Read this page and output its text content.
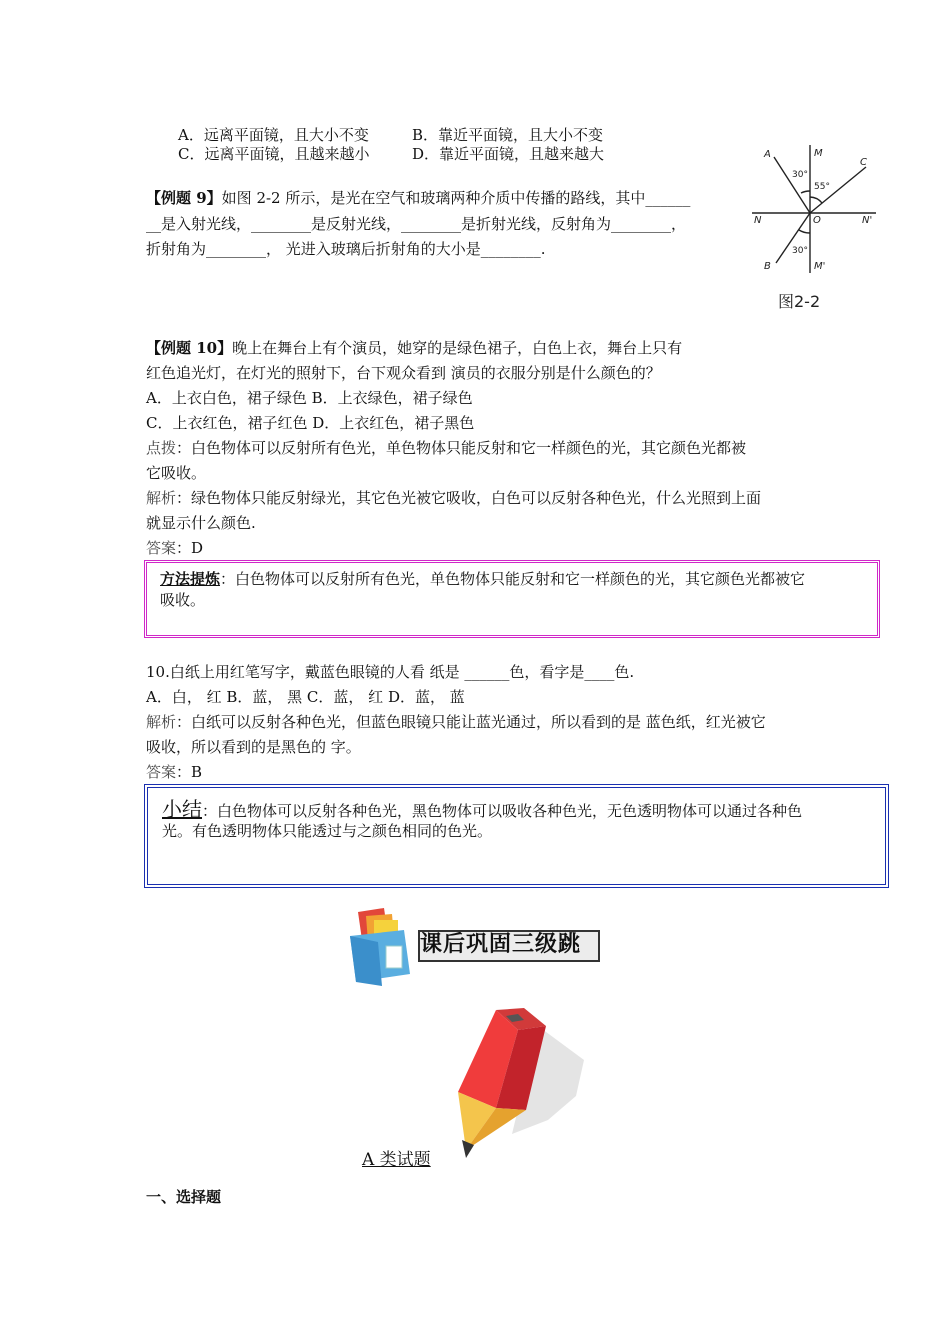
A．远离平面镜，且大小不变	B．靠近平面镜，且大小不变
C．远离平面镜，且越来越小	D．靠近平面镜，且越来越大
【例题 9】如图 2-2 所示，是光在空气和玻璃两种介质中传播的路线，其中______
__是入射光线，________是反射光线，________是折射光线，反射角为________，
折射角为________， 光进入玻璃后折射角的大小是________.
A	M
C
N	O	N'
B	M'
30°
55°
30°
图2-2
【例题 10】晚上在舞台上有个演员，她穿的是绿色裙子，白色上衣，舞台上只有
红色追光灯，在灯光的照射下，台下观众看到 演员的衣服分别是什么颜色的？
A．上衣白色，裙子绿色 B．上衣绿色，裙子绿色
C．上衣红色，裙子红色 D．上衣红色，裙子黑色
点拨：白色物体可以反射所有色光，单色物体只能反射和它一样颜色的光，其它颜色光都被
它吸收。
解析：绿色物体只能反射绿光，其它色光被它吸收，白色可以反射各种色光，什么光照到上面
就显示什么颜色.
答案：D
方法提炼：白色物体可以反射所有色光，单色物体只能反射和它一样颜色的光，其它颜色光都被它
吸收。
10.白纸上用红笔写字，戴蓝色眼镜的人看 纸是 ______色，看字是____色.
A．白， 红 B．蓝， 黑 C．蓝， 红 D．蓝， 蓝
解析：白纸可以反射各种色光，但蓝色眼镜只能让蓝光通过，所以看到的是 蓝色纸，红光被它
吸收，所以看到的是黑色的 字。
答案：B
小结：白色物体可以反射各种色光，黑色物体可以吸收各种色光，无色透明物体可以通过各种色
光。有色透明物体只能透过与之颜色相同的色光。
课后巩固三级跳
A 类试题
一、选择题
